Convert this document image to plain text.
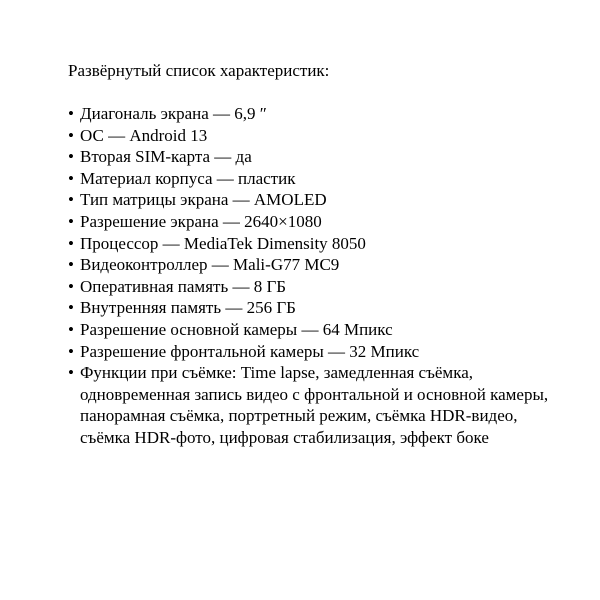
Развёрнутый список характеристик:

• Диагональ экрана — 6,9 ″
• ОС — Android 13
• Вторая SIM-карта — да
• Материал корпуса — пластик
• Тип матрицы экрана — AMOLED
• Разрешение экрана — 2640×1080
• Процессор — MediaTek Dimensity 8050
• Видеоконтроллер — Mali-G77 MC9
• Оперативная память — 8 ГБ
• Внутренняя память — 256 ГБ
• Разрешение основной камеры — 64 Мпикс
• Разрешение фронтальной камеры — 32 Мпикс
• Функции при съёмке: Time lapse, замедленная съёмка,
одновременная запись видео с фронтальной и основной камеры,
панорамная съёмка, портретный режим, съёмка HDR-видео,
съёмка HDR-фото, цифровая стабилизация, эффект боке
